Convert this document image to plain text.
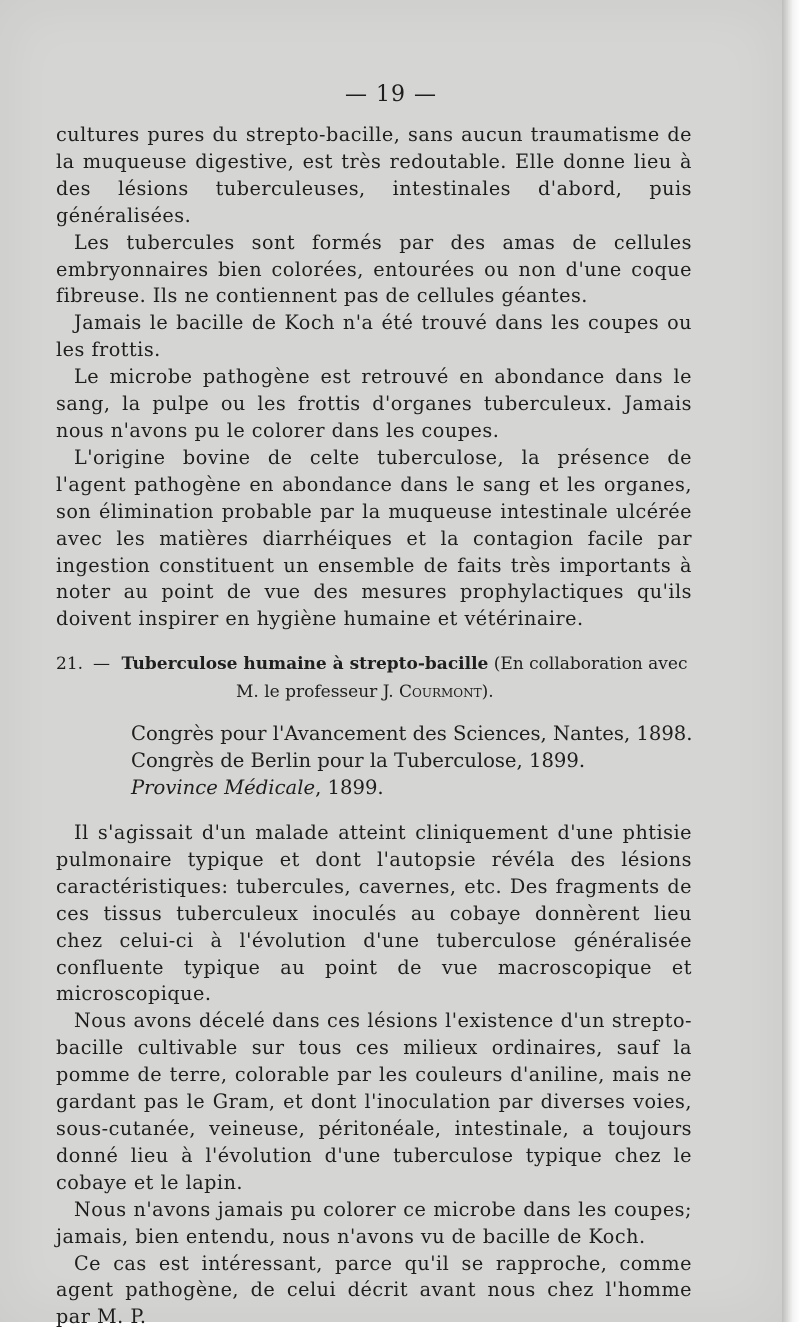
— 19 —

cultures pures du strepto-bacille, sans aucun traumatisme de la muqueuse digestive, est très redoutable. Elle donne lieu à des lésions tuberculeuses, intestinales d'abord, puis généralisées.

Les tubercules sont formés par des amas de cellules embryonnaires bien colorées, entourées ou non d'une coque fibreuse. Ils ne contiennent pas de cellules géantes.

Jamais le bacille de Koch n'a été trouvé dans les coupes ou les frottis.

Le microbe pathogène est retrouvé en abondance dans le sang, la pulpe ou les frottis d'organes tuberculeux. Jamais nous n'avons pu le colorer dans les coupes.

L'origine bovine de celte tuberculose, la présence de l'agent pathogène en abondance dans le sang et les organes, son élimination probable par la muqueuse intestinale ulcérée avec les matières diarrhéiques et la contagion facile par ingestion constituent un ensemble de faits très importants à noter au point de vue des mesures prophylactiques qu'ils doivent inspirer en hygiène humaine et vétérinaire.

21. — Tuberculose humaine à strepto-bacille (En collaboration avec
M. le professeur J. Courmont).
Congrès pour l'Avancement des Sciences, Nantes, 1898.
Congrès de Berlin pour la Tuberculose, 1899.
Province Médicale, 1899.

Il s'agissait d'un malade atteint cliniquement d'une phtisie pulmonaire typique et dont l'autopsie révéla des lésions caractéristiques: tubercules, cavernes, etc. Des fragments de ces tissus tuberculeux inoculés au cobaye donnèrent lieu chez celui-ci à l'évolution d'une tuberculose généralisée confluente typique au point de vue macroscopique et microscopique.

Nous avons décelé dans ces lésions l'existence d'un strepto-bacille cultivable sur tous ces milieux ordinaires, sauf la pomme de terre, colorable par les couleurs d'aniline, mais ne gardant pas le Gram, et dont l'inoculation par diverses voies, sous-cutanée, veineuse, péritonéale, intestinale, a toujours donné lieu à l'évolution d'une tuberculose typique chez le cobaye et le lapin.

Nous n'avons jamais pu colorer ce microbe dans les coupes; jamais, bien entendu, nous n'avons vu de bacille de Koch.

Ce cas est intéressant, parce qu'il se rapproche, comme agent pathogène, de celui décrit avant nous chez l'homme par M. P.
